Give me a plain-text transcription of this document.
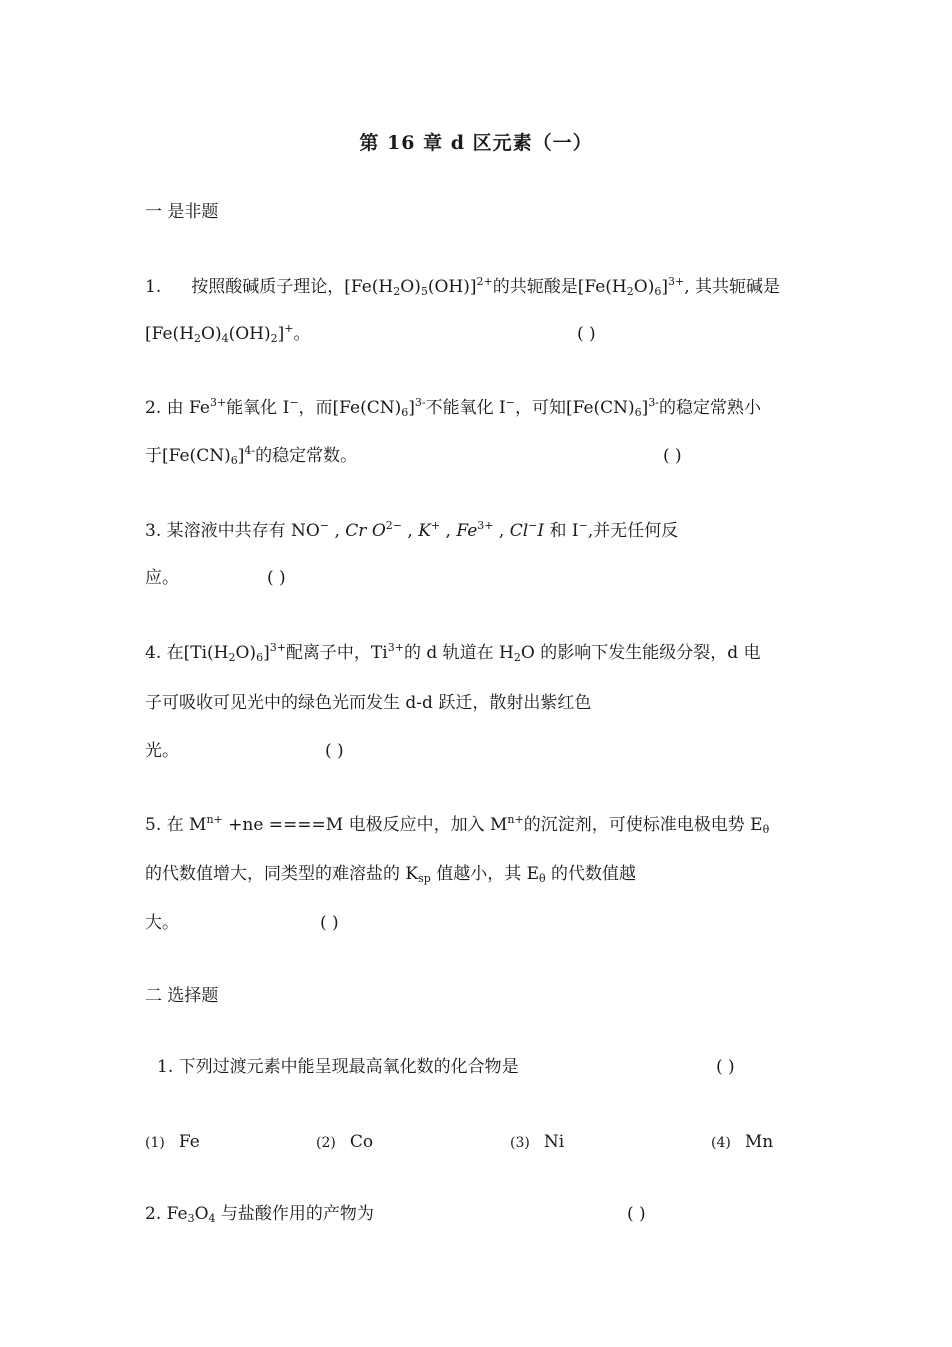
第 16 章 d 区元素（一）
一 是非题
1. 按照酸碱质子理论，$[Fe(H_2O)_5(OH)]^{2+}$的共轭酸是$[Fe(H_2O)_6]^{3+}$, 其共轭碱是
$[Fe(H_2O)_4(OH)_2]^+$。	( )
2. 由 $Fe^{3+}$能氧化 I−，而$[Fe(CN)_6]^{3-}$不能氧化 I−，可知$[Fe(CN)_6]^{3-}$的稳定常熟小
于$[Fe(CN)_6]^{4-}$的稳定常数。	( )
3. 某溶液中共存有 NO− , Cr $O^{2-}$ , K+ , $Fe^{3+}$ , Cl−I 和 I−,并无任何反
应。	( )
4. 在$[Ti(H_2O)_6]^{3+}$配离子中，$Ti^{3+}$的 d 轨道在 $H_2O$ 的影响下发生能级分裂，d 电
子可吸收可见光中的绿色光而发生 d-d 跃迁，散射出紫红色
光。	( )
5. 在 $M^{n+} +ne ====M$ 电极反应中，加入 $M^{n+}$的沉淀剂，可使标准电极电势 $E_\theta$
的代数值增大，同类型的难溶盐的 $K_{sp}$ 值越小，其 $E_\theta$ 的代数值越
大。	( )
二 选择题
1. 下列过渡元素中能呈现最高氧化数的化合物是	( )
(1) Fe	(2) Co	(3) Ni	(4) Mn
2. $Fe_3O_4$ 与盐酸作用的产物为	( )
